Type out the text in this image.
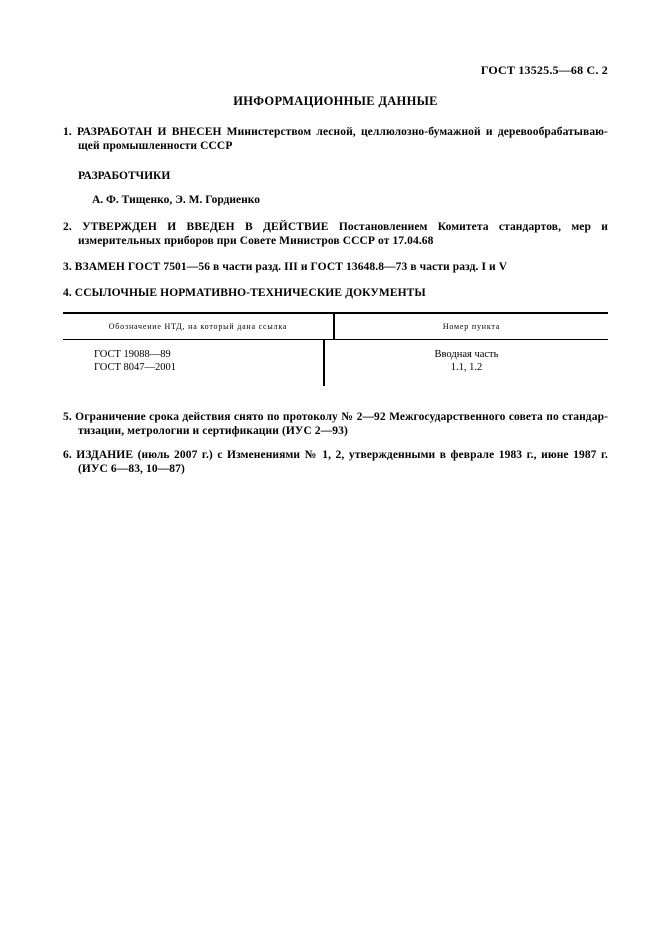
ГОСТ 13525.5—68 С. 2
ИНФОРМАЦИОННЫЕ ДАННЫЕ
1. РАЗРАБОТАН И ВНЕСЕН Министерством лесной, целлюлозно-бумажной и деревообрабатываю-
щей промышленности СССР
РАЗРАБОТЧИКИ
А. Ф. Тищенко, Э. М. Гордиенко
2. УТВЕРЖДЕН И ВВЕДЕН В ДЕЙСТВИЕ Постановлением Комитета стандартов, мер и
измерительных приборов при Совете Министров СССР от 17.04.68
3. ВЗАМЕН ГОСТ 7501—56 в части разд. III и ГОСТ 13648.8—73 в части разд. I и V
4. ССЫЛОЧНЫЕ НОРМАТИВНО-ТЕХНИЧЕСКИЕ ДОКУМЕНТЫ
Обозначение НТД, на который дана ссылка	Номер пункта
ГОСТ 19088—89
ГОСТ 8047—2001
Вводная часть
1.1, 1.2
5. Ограничение срока действия снято по протоколу № 2—92 Межгосударственного совета по стандар-
тизации, метрологии и сертификации (ИУС 2—93)
6. ИЗДАНИЕ (июль 2007 г.) с Изменениями № 1, 2, утвержденными в феврале 1983 г., июне 1987 г.
(ИУС 6—83, 10—87)
